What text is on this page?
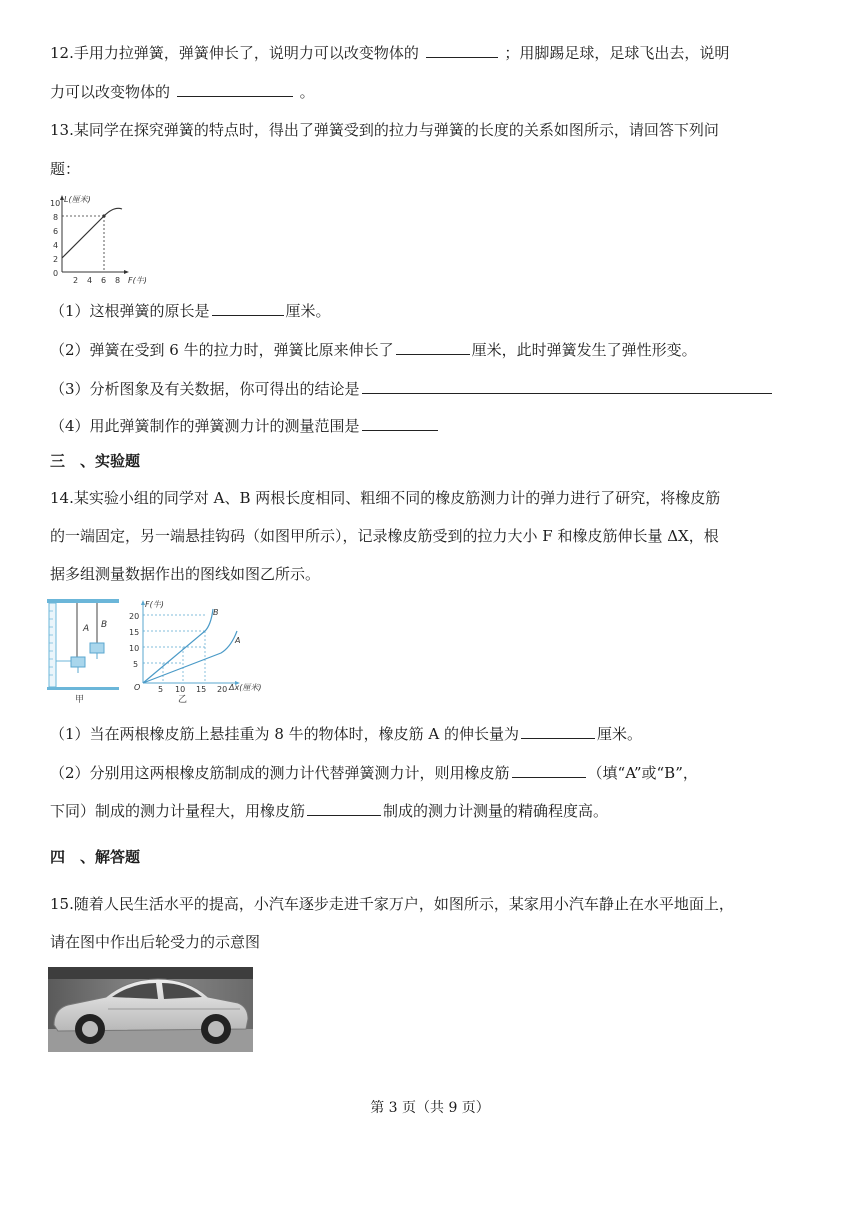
12.手用力拉弹簧，弹簧伸长了，说明力可以改变物体的	；用脚踢足球，足球飞出去，说明
力可以改变物体的	。
13.某同学在探究弹簧的特点时，得出了弹簧受到的拉力与弹簧的长度的关系如图所示，请回答下列问
题：
10
8
6
4
2
0
2 4 6 8
L(厘米)
F(牛)
（1）这根弹簧的原长是	厘米。
（2）弹簧在受到 6 牛的拉力时，弹簧比原来伸长了	厘米，此时弹簧发生了弹性形变。
（3）分析图象及有关数据，你可得出的结论是
（4）用此弹簧制作的弹簧测力计的测量范围是
三　、实验题
14.某实验小组的同学对 A、B 两根长度相同、粗细不同的橡皮筋测力计的弹力进行了研究，将橡皮筋
的一端固定，另一端悬挂钩码（如图甲所示），记录橡皮筋受到的拉力大小 F 和橡皮筋伸长量 ΔX，根
据多组测量数据作出的图线如图乙所示。
A B
甲
F(牛)
Δx(厘米)
O
20
15
10
5
5 10 15 20
B
A
乙
（1）当在两根橡皮筋上悬挂重为 8 牛的物体时，橡皮筋 A 的伸长量为	厘米。
（2）分别用这两根橡皮筋制成的测力计代替弹簧测力计，则用橡皮筋	（填“A”或“B”，
下同）制成的测力计量程大，用橡皮筋	制成的测力计测量的精确程度高。
四　、解答题
15.随着人民生活水平的提高，小汽车逐步走进千家万户，如图所示，某家用小汽车静止在水平地面上，
请在图中作出后轮受力的示意图
第 3 页（共 9 页）
